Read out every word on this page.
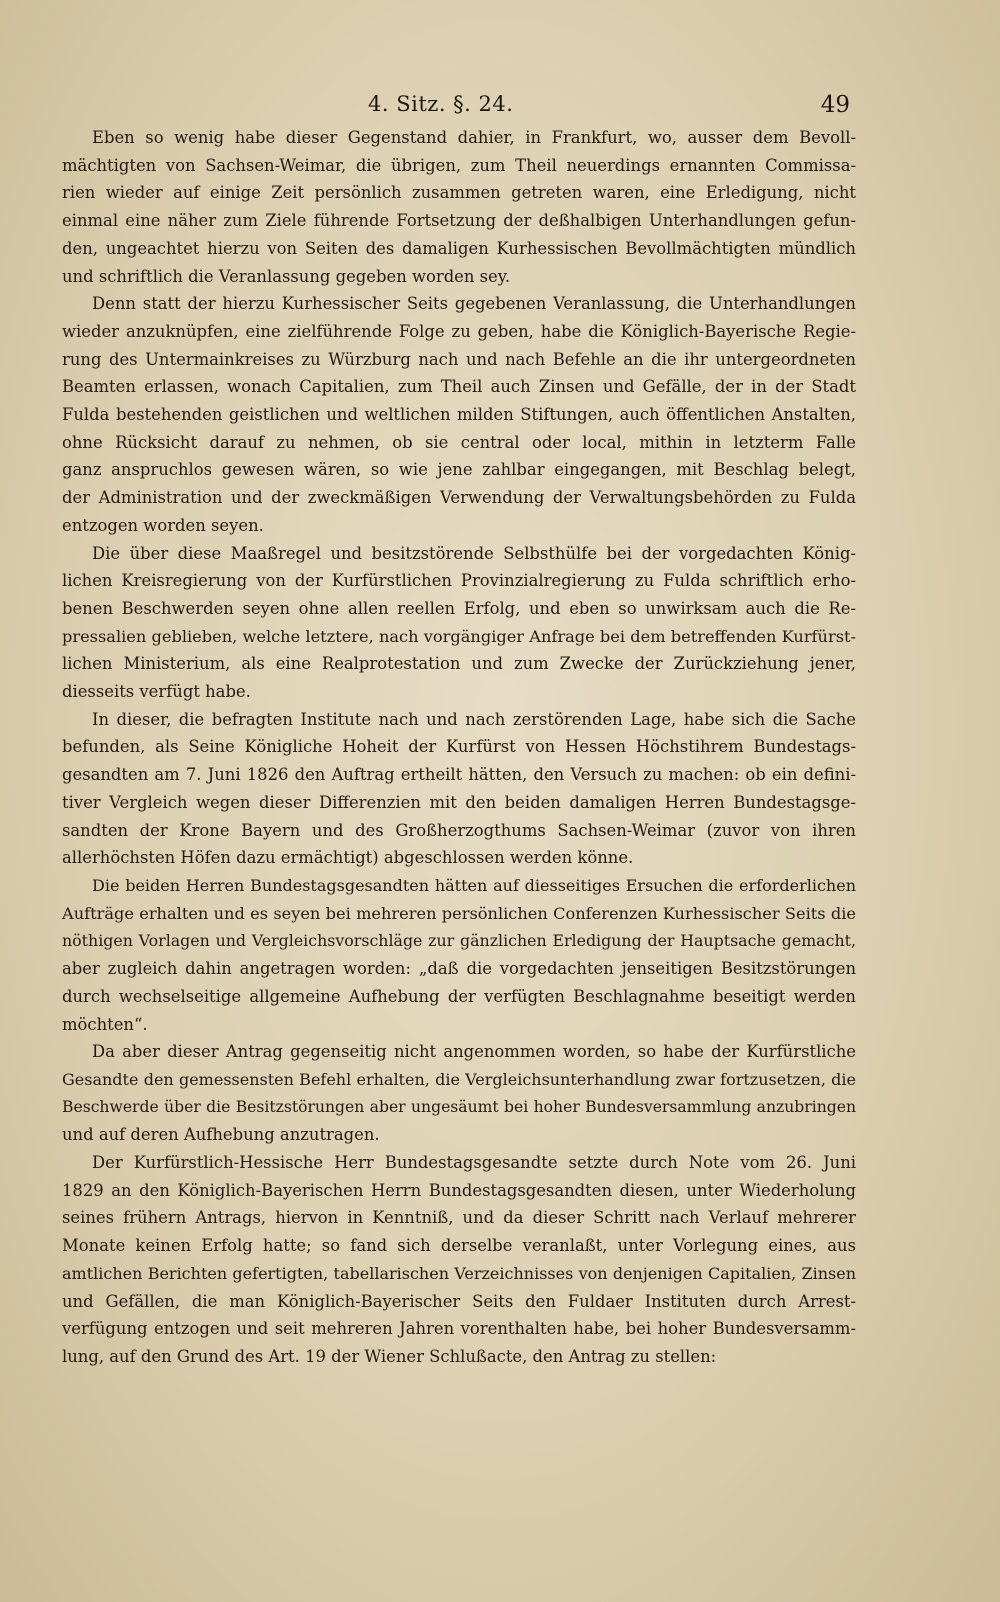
4. Sitz. §. 24.	49

Eben so wenig habe dieser Gegenstand dahier, in Frankfurt, wo, ausser dem Bevoll-
mächtigten von Sachsen-Weimar, die übrigen, zum Theil neuerdings ernannten Commissa-
rien wieder auf einige Zeit persönlich zusammen getreten waren, eine Erledigung, nicht
einmal eine näher zum Ziele führende Fortsetzung der deßhalbigen Unterhandlungen gefun-
den, ungeachtet hierzu von Seiten des damaligen Kurhessischen Bevollmächtigten mündlich
und schriftlich die Veranlassung gegeben worden sey.

Denn statt der hierzu Kurhessischer Seits gegebenen Veranlassung, die Unterhandlungen
wieder anzuknüpfen, eine zielführende Folge zu geben, habe die Königlich-Bayerische Regie-
rung des Untermainkreises zu Würzburg nach und nach Befehle an die ihr untergeordneten
Beamten erlassen, wonach Capitalien, zum Theil auch Zinsen und Gefälle, der in der Stadt
Fulda bestehenden geistlichen und weltlichen milden Stiftungen, auch öffentlichen Anstalten,
ohne Rücksicht darauf zu nehmen, ob sie central oder local, mithin in letzterm Falle
ganz anspruchlos gewesen wären, so wie jene zahlbar eingegangen, mit Beschlag belegt,
der Administration und der zweckmäßigen Verwendung der Verwaltungsbehörden zu Fulda
entzogen worden seyen.

Die über diese Maaßregel und besitzstörende Selbsthülfe bei der vorgedachten König-
lichen Kreisregierung von der Kurfürstlichen Provinzialregierung zu Fulda schriftlich erho-
benen Beschwerden seyen ohne allen reellen Erfolg, und eben so unwirksam auch die Re-
pressalien geblieben, welche letztere, nach vorgängiger Anfrage bei dem betreffenden Kurfürst-
lichen Ministerium, als eine Realprotestation und zum Zwecke der Zurückziehung jener,
diesseits verfügt habe.

In dieser, die befragten Institute nach und nach zerstörenden Lage, habe sich die Sache
befunden, als Seine Königliche Hoheit der Kurfürst von Hessen Höchstihrem Bundestags-
gesandten am 7. Juni 1826 den Auftrag ertheilt hätten, den Versuch zu machen: ob ein defini-
tiver Vergleich wegen dieser Differenzien mit den beiden damaligen Herren Bundestagsge-
sandten der Krone Bayern und des Großherzogthums Sachsen-Weimar (zuvor von ihren
allerhöchsten Höfen dazu ermächtigt) abgeschlossen werden könne.

Die beiden Herren Bundestagsgesandten hätten auf diesseitiges Ersuchen die erforderlichen
Aufträge erhalten und es seyen bei mehreren persönlichen Conferenzen Kurhessischer Seits die
nöthigen Vorlagen und Vergleichsvorschläge zur gänzlichen Erledigung der Hauptsache gemacht,
aber zugleich dahin angetragen worden: „daß die vorgedachten jenseitigen Besitzstörungen
durch wechselseitige allgemeine Aufhebung der verfügten Beschlagnahme beseitigt werden
möchten“.

Da aber dieser Antrag gegenseitig nicht angenommen worden, so habe der Kurfürstliche
Gesandte den gemessensten Befehl erhalten, die Vergleichsunterhandlung zwar fortzusetzen, die
Beschwerde über die Besitzstörungen aber ungesäumt bei hoher Bundesversammlung anzubringen
und auf deren Aufhebung anzutragen.

Der Kurfürstlich-Hessische Herr Bundestagsgesandte setzte durch Note vom 26. Juni
1829 an den Königlich-Bayerischen Herrn Bundestagsgesandten diesen, unter Wiederholung
seines frühern Antrags, hiervon in Kenntniß, und da dieser Schritt nach Verlauf mehrerer
Monate keinen Erfolg hatte; so fand sich derselbe veranlaßt, unter Vorlegung eines, aus
amtlichen Berichten gefertigten, tabellarischen Verzeichnisses von denjenigen Capitalien, Zinsen
und Gefällen, die man Königlich-Bayerischer Seits den Fuldaer Instituten durch Arrest-
verfügung entzogen und seit mehreren Jahren vorenthalten habe, bei hoher Bundesversamm-
lung, auf den Grund des Art. 19 der Wiener Schlußacte, den Antrag zu stellen:
